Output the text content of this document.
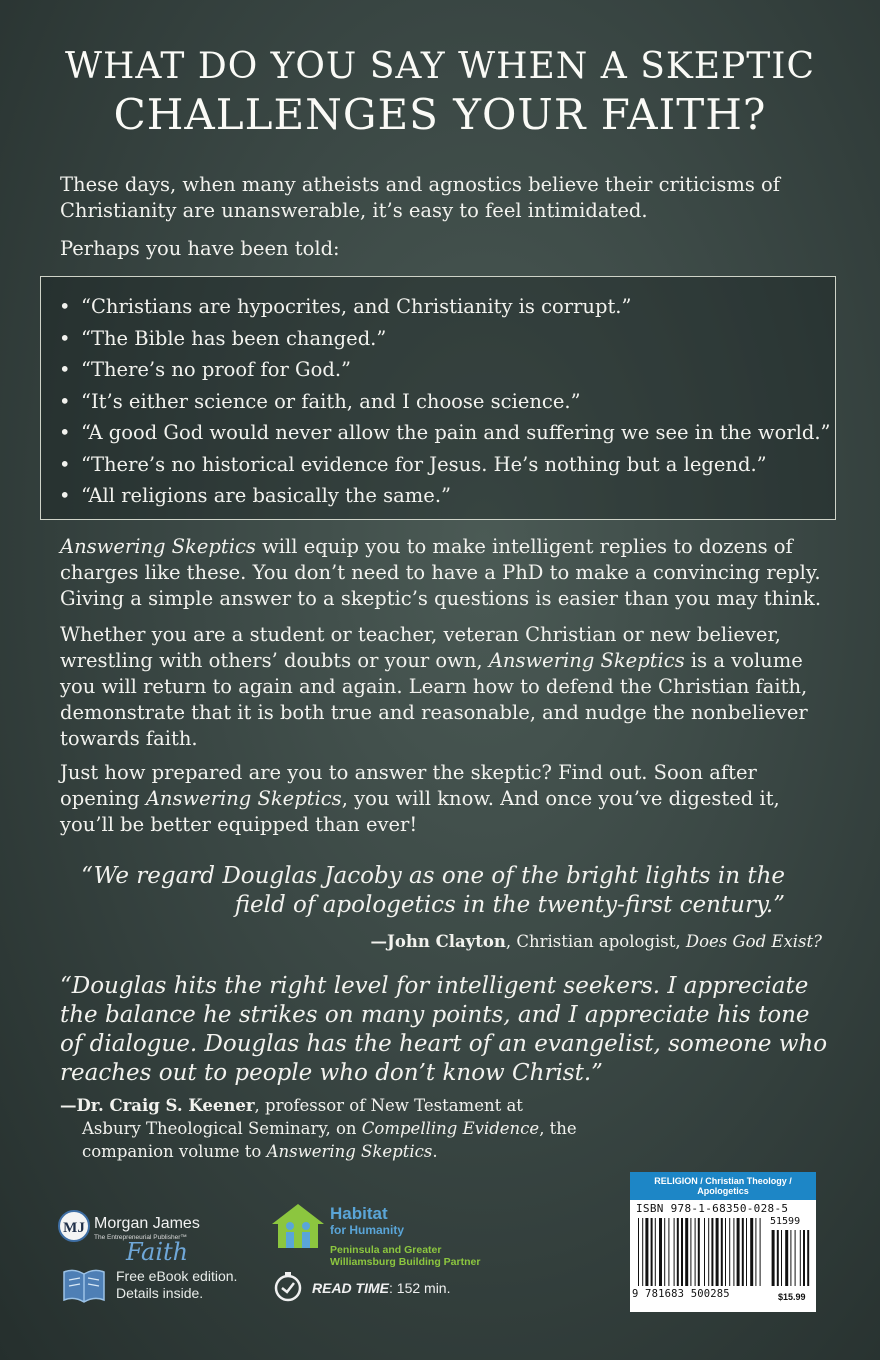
WHAT DO YOU SAY WHEN A SKEPTIC
CHALLENGES YOUR FAITH?

These days, when many atheists and agnostics believe their criticisms of Christianity are unanswerable, it’s easy to feel intimidated.

Perhaps you have been told:

• “Christians are hypocrites, and Christianity is corrupt.”
• “The Bible has been changed.”
• “There’s no proof for God.”
• “It’s either science or faith, and I choose science.”
• “A good God would never allow the pain and suffering we see in the world.”
• “There’s no historical evidence for Jesus. He’s nothing but a legend.”
• “All religions are basically the same.”

Answering Skeptics will equip you to make intelligent replies to dozens of charges like these. You don’t need to have a PhD to make a convincing reply. Giving a simple answer to a skeptic’s questions is easier than you may think.

Whether you are a student or teacher, veteran Christian or new believer, wrestling with others’ doubts or your own, Answering Skeptics is a volume you will return to again and again. Learn how to defend the Christian faith, demonstrate that it is both true and reasonable, and nudge the nonbeliever towards faith.

Just how prepared are you to answer the skeptic? Find out. Soon after opening Answering Skeptics, you will know. And once you’ve digested it, you’ll be better equipped than ever!

“We regard Douglas Jacoby as one of the bright lights in the field of apologetics in the twenty-first century.”
—John Clayton, Christian apologist, Does God Exist?
“Douglas hits the right level for intelligent seekers. I appreciate the balance he strikes on many points, and I appreciate his tone of dialogue. Douglas has the heart of an evangelist, someone who reaches out to people who don’t know Christ.”
—Dr. Craig S. Keener, professor of New Testament at
Asbury Theological Seminary, on Compelling Evidence, the
companion volume to Answering Skeptics.
MJ Morgan James
The Entrepreneurial Publisher™
Faith
Free eBook edition.
Details inside.
Habitat
for Humanity
Peninsula and Greater
Williamsburg Building Partner
READ TIME: 152 min.
RELIGION / Christian Theology /
Apologetics
ISBN 978-1-68350-028-5
51599
9 781683 500285	$15.99
